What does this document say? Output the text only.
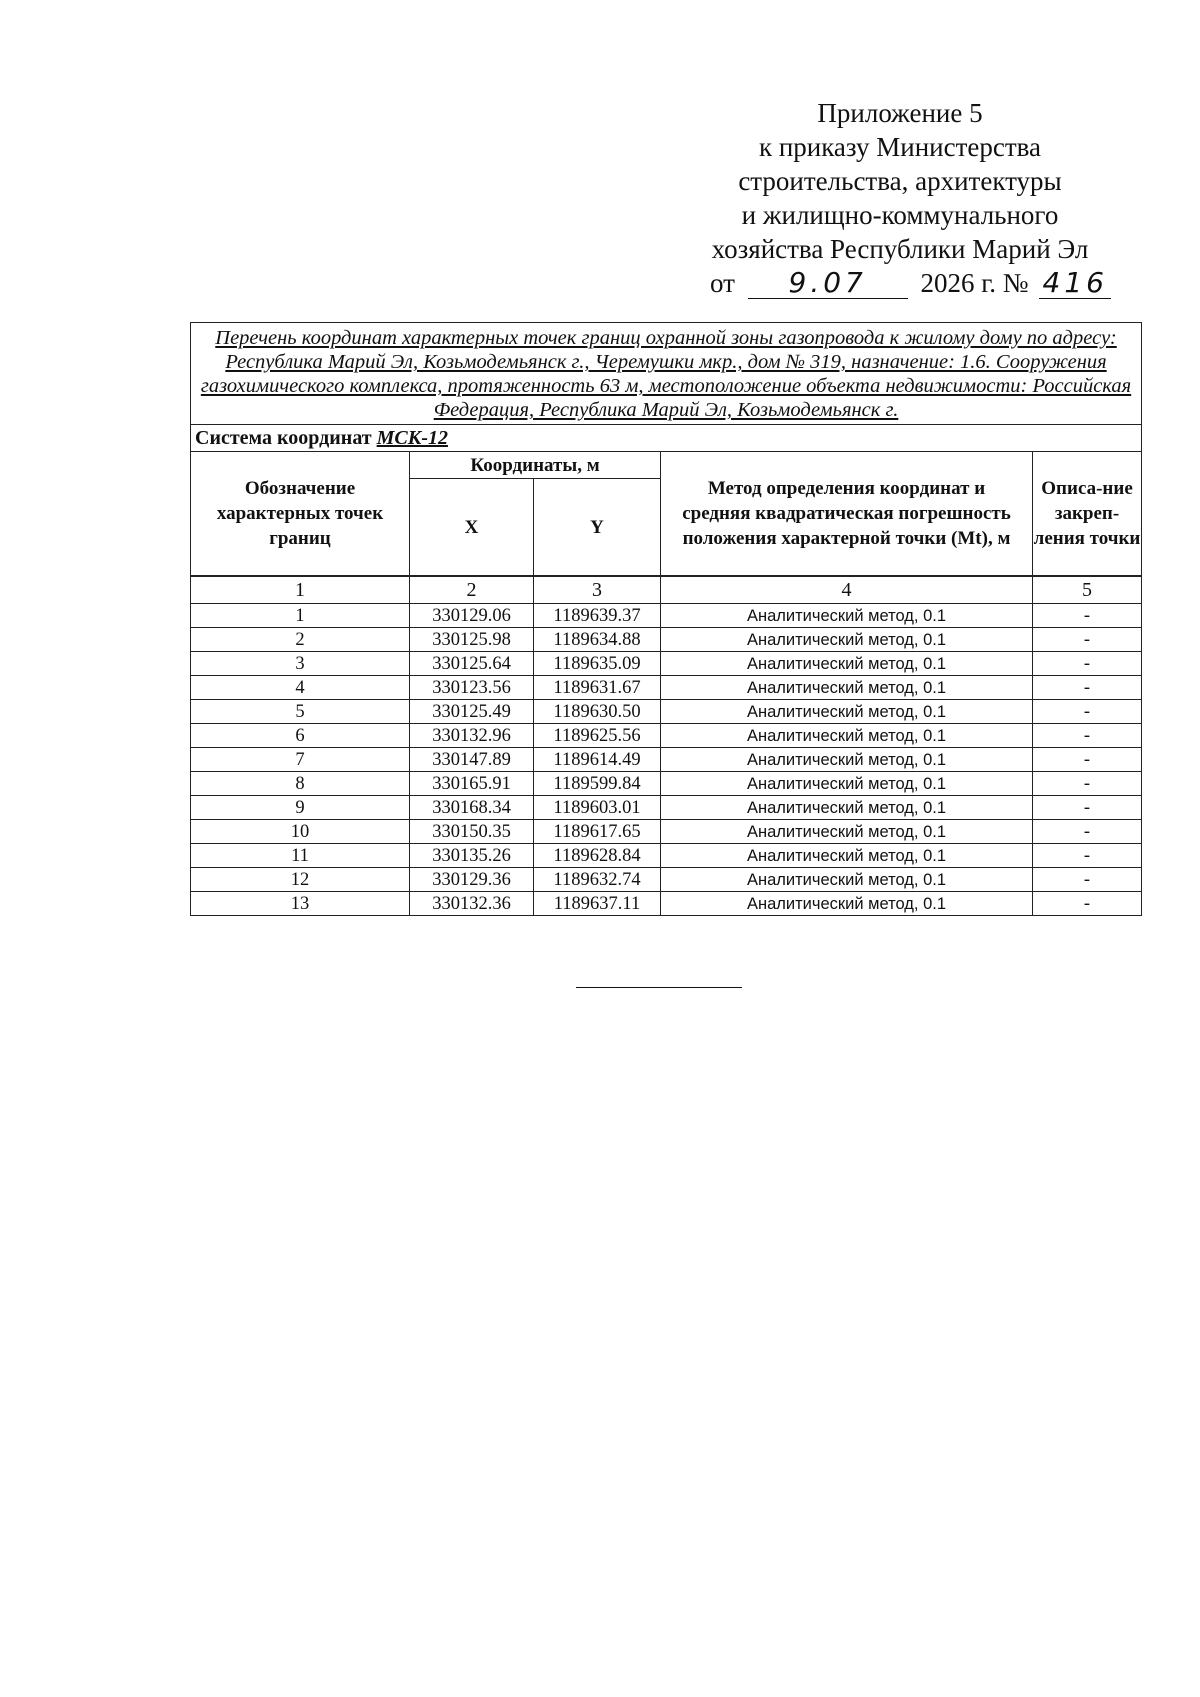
Приложение 5
к приказу Министерства
строительства, архитектуры
и жилищно-коммунального
хозяйства Республики Марий Эл
от 9.07 2026 г. № 416
Перечень координат характерных точек границ охранной зоны газопровода к жилому дому по адресу: Республика Марий Эл, Козьмодемьянск г., Черемушки мкр., дом № 319, назначение: 1.6. Сооружения газохимического комплекса, протяженность 63 м, местоположение объекта недвижимости: Российская Федерация, Республика Марий Эл, Козьмодемьянск г.				
Система координат МСК-12				
Обозначение характерных точек границ	Координаты, м		Метод определения координат и средняя квадратическая погрешность положения характерной точки (Mt), м	Описа-ние закреп-ления точки
	X	Y		
1	2	3	4	5
1	330129.06	1189639.37	Аналитический метод, 0.1	-
2	330125.98	1189634.88	Аналитический метод, 0.1	-
3	330125.64	1189635.09	Аналитический метод, 0.1	-
4	330123.56	1189631.67	Аналитический метод, 0.1	-
5	330125.49	1189630.50	Аналитический метод, 0.1	-
6	330132.96	1189625.56	Аналитический метод, 0.1	-
7	330147.89	1189614.49	Аналитический метод, 0.1	-
8	330165.91	1189599.84	Аналитический метод, 0.1	-
9	330168.34	1189603.01	Аналитический метод, 0.1	-
10	330150.35	1189617.65	Аналитический метод, 0.1	-
11	330135.26	1189628.84	Аналитический метод, 0.1	-
12	330129.36	1189632.74	Аналитический метод, 0.1	-
13	330132.36	1189637.11	Аналитический метод, 0.1	-
